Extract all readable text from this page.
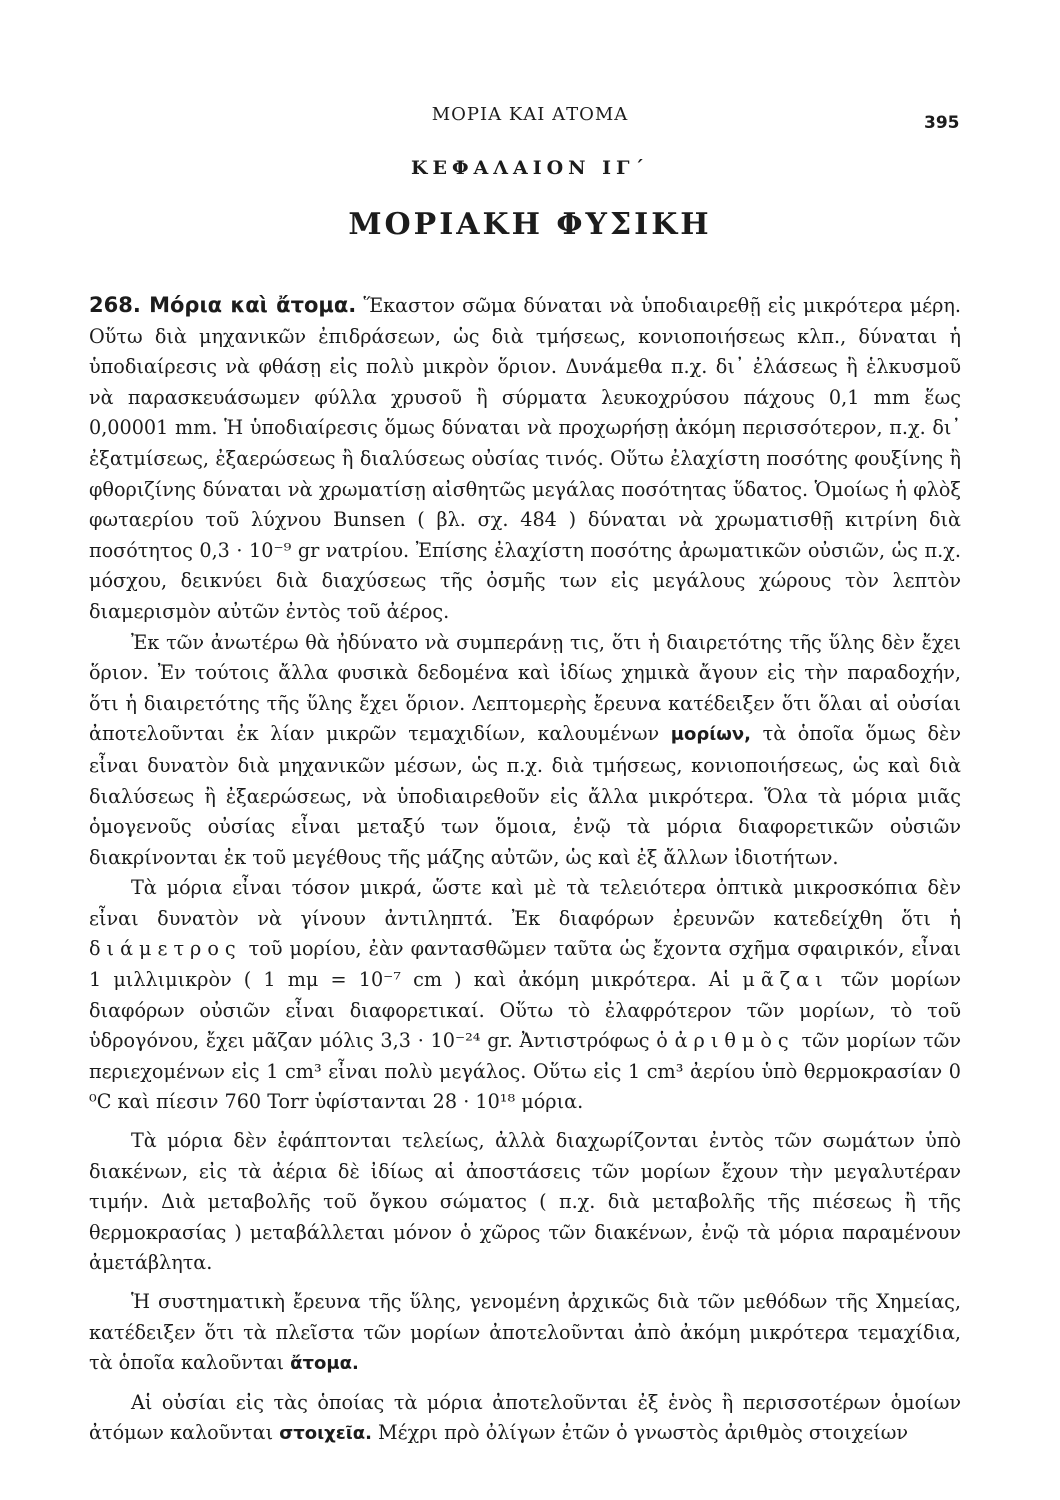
ΜΟΡΙΑ ΚΑΙ ΑΤΟΜΑ	395
ΚΕΦΑΛΑΙΟΝ ΙΓ΄
ΜΟΡΙΑΚΗ ΦΥΣΙΚΗ

268. Μόρια καὶ ἄτομα. Ἕκαστον σῶμα δύναται νὰ ὑποδιαιρεθῇ εἰς μικρότερα μέρη. Οὕτω διὰ μηχανικῶν ἐπιδράσεων, ὡς διὰ τμήσεως, κονιοποιήσεως κλπ., δύναται ἡ ὑποδιαίρεσις νὰ φθάσῃ εἰς πολὺ μικρὸν ὅριον. Δυνάμεθα π.χ. δι᾽ ἐλάσεως ἢ ἑλκυσμοῦ νὰ παρασκευάσωμεν φύλλα χρυσοῦ ἢ σύρματα λευκοχρύσου πάχους 0,1 mm ἕως 0,00001 mm. Ἡ ὑποδιαίρεσις ὅμως δύναται νὰ προχωρήσῃ ἀκόμη περισσότερον, π.χ. δι᾽ ἐξατμίσεως, ἐξαερώσεως ἢ διαλύσεως οὐσίας τινός. Οὕτω ἐλαχίστη ποσότης φουξίνης ἢ φθοριζίνης δύναται νὰ χρωματίσῃ αἰσθητῶς μεγάλας ποσότητας ὕδατος. Ὁμοίως ἡ φλὸξ φωταερίου τοῦ λύχνου Bunsen ( βλ. σχ. 484 ) δύναται νὰ χρωματισθῇ κιτρίνη διὰ ποσότητος 0,3 · 10⁻⁹ gr νατρίου. Ἐπίσης ἐλαχίστη ποσότης ἀρωματικῶν οὐσιῶν, ὡς π.χ. μόσχου, δεικνύει διὰ διαχύσεως τῆς ὀσμῆς των εἰς μεγάλους χώρους τὸν λεπτὸν διαμερισμὸν αὐτῶν ἐντὸς τοῦ ἀέρος.

Ἐκ τῶν ἀνωτέρω θὰ ἠδύνατο νὰ συμπεράνῃ τις, ὅτι ἡ διαιρετότης τῆς ὕλης δὲν ἔχει ὅριον. Ἐν τούτοις ἄλλα φυσικὰ δεδομένα καὶ ἰδίως χημικὰ ἄγουν εἰς τὴν παραδοχήν, ὅτι ἡ διαιρετότης τῆς ὕλης ἔχει ὅριον. Λεπτομερὴς ἔρευνα κατέδειξεν ὅτι ὅλαι αἱ οὐσίαι ἀποτελοῦνται ἐκ λίαν μικρῶν τεμαχιδίων, καλουμένων μορίων, τὰ ὁποῖα ὅμως δὲν εἶναι δυνατὸν διὰ μηχανικῶν μέσων, ὡς π.χ. διὰ τμήσεως, κονιοποιήσεως, ὡς καὶ διὰ διαλύσεως ἢ ἐξαερώσεως, νὰ ὑποδιαιρεθοῦν εἰς ἄλλα μικρότερα. Ὅλα τὰ μόρια μιᾶς ὁμογενοῦς οὐσίας εἶναι μεταξύ των ὅμοια, ἐνῷ τὰ μόρια διαφορετικῶν οὐσιῶν διακρίνονται ἐκ τοῦ μεγέθους τῆς μάζης αὐτῶν, ὡς καὶ ἐξ ἄλλων ἰδιοτήτων.

Τὰ μόρια εἶναι τόσον μικρά, ὥστε καὶ μὲ τὰ τελειότερα ὀπτικὰ μικροσκόπια δὲν εἶναι δυνατὸν νὰ γίνουν ἀντιληπτά. Ἐκ διαφόρων ἐρευνῶν κατεδείχθη ὅτι ἡ διάμετρος τοῦ μορίου, ἐὰν φαντασθῶμεν ταῦτα ὡς ἔχοντα σχῆμα σφαιρικόν, εἶναι 1 μιλλιμικρὸν ( 1 mμ = 10⁻⁷ cm ) καὶ ἀκόμη μικρότερα. Αἱ μᾶζαι τῶν μορίων διαφόρων οὐσιῶν εἶναι διαφορετικαί. Οὕτω τὸ ἐλαφρότερον τῶν μορίων, τὸ τοῦ ὑδρογόνου, ἔχει μᾶζαν μόλις 3,3 · 10⁻²⁴ gr. Ἀντιστρόφως ὁ ἀριθμὸς τῶν μορίων τῶν περιεχομένων εἰς 1 cm³ εἶναι πολὺ μεγάλος. Οὕτω εἰς 1 cm³ ἀερίου ὑπὸ θερμοκρασίαν 0 ⁰C καὶ πίεσιν 760 Torr ὑφίστανται 28 · 10¹⁸ μόρια.

Τὰ μόρια δὲν ἐφάπτονται τελείως, ἀλλὰ διαχωρίζονται ἐντὸς τῶν σωμάτων ὑπὸ διακένων, εἰς τὰ ἀέρια δὲ ἰδίως αἱ ἀποστάσεις τῶν μορίων ἔχουν τὴν μεγαλυτέραν τιμήν. Διὰ μεταβολῆς τοῦ ὄγκου σώματος ( π.χ. διὰ μεταβολῆς τῆς πιέσεως ἢ τῆς θερμοκρασίας ) μεταβάλλεται μόνον ὁ χῶρος τῶν διακένων, ἐνῷ τὰ μόρια παραμένουν ἀμετάβλητα.

Ἡ συστηματικὴ ἔρευνα τῆς ὕλης, γενομένη ἀρχικῶς διὰ τῶν μεθόδων τῆς Χημείας, κατέδειξεν ὅτι τὰ πλεῖστα τῶν μορίων ἀποτελοῦνται ἀπὸ ἀκόμη μικρότερα τεμαχίδια, τὰ ὁποῖα καλοῦνται ἄτομα.

Αἱ οὐσίαι εἰς τὰς ὁποίας τὰ μόρια ἀποτελοῦνται ἐξ ἑνὸς ἢ περισσοτέρων ὁμοίων ἀτόμων καλοῦνται στοιχεῖα. Μέχρι πρὸ ὀλίγων ἐτῶν ὁ γνωστὸς ἀριθμὸς στοιχείων
